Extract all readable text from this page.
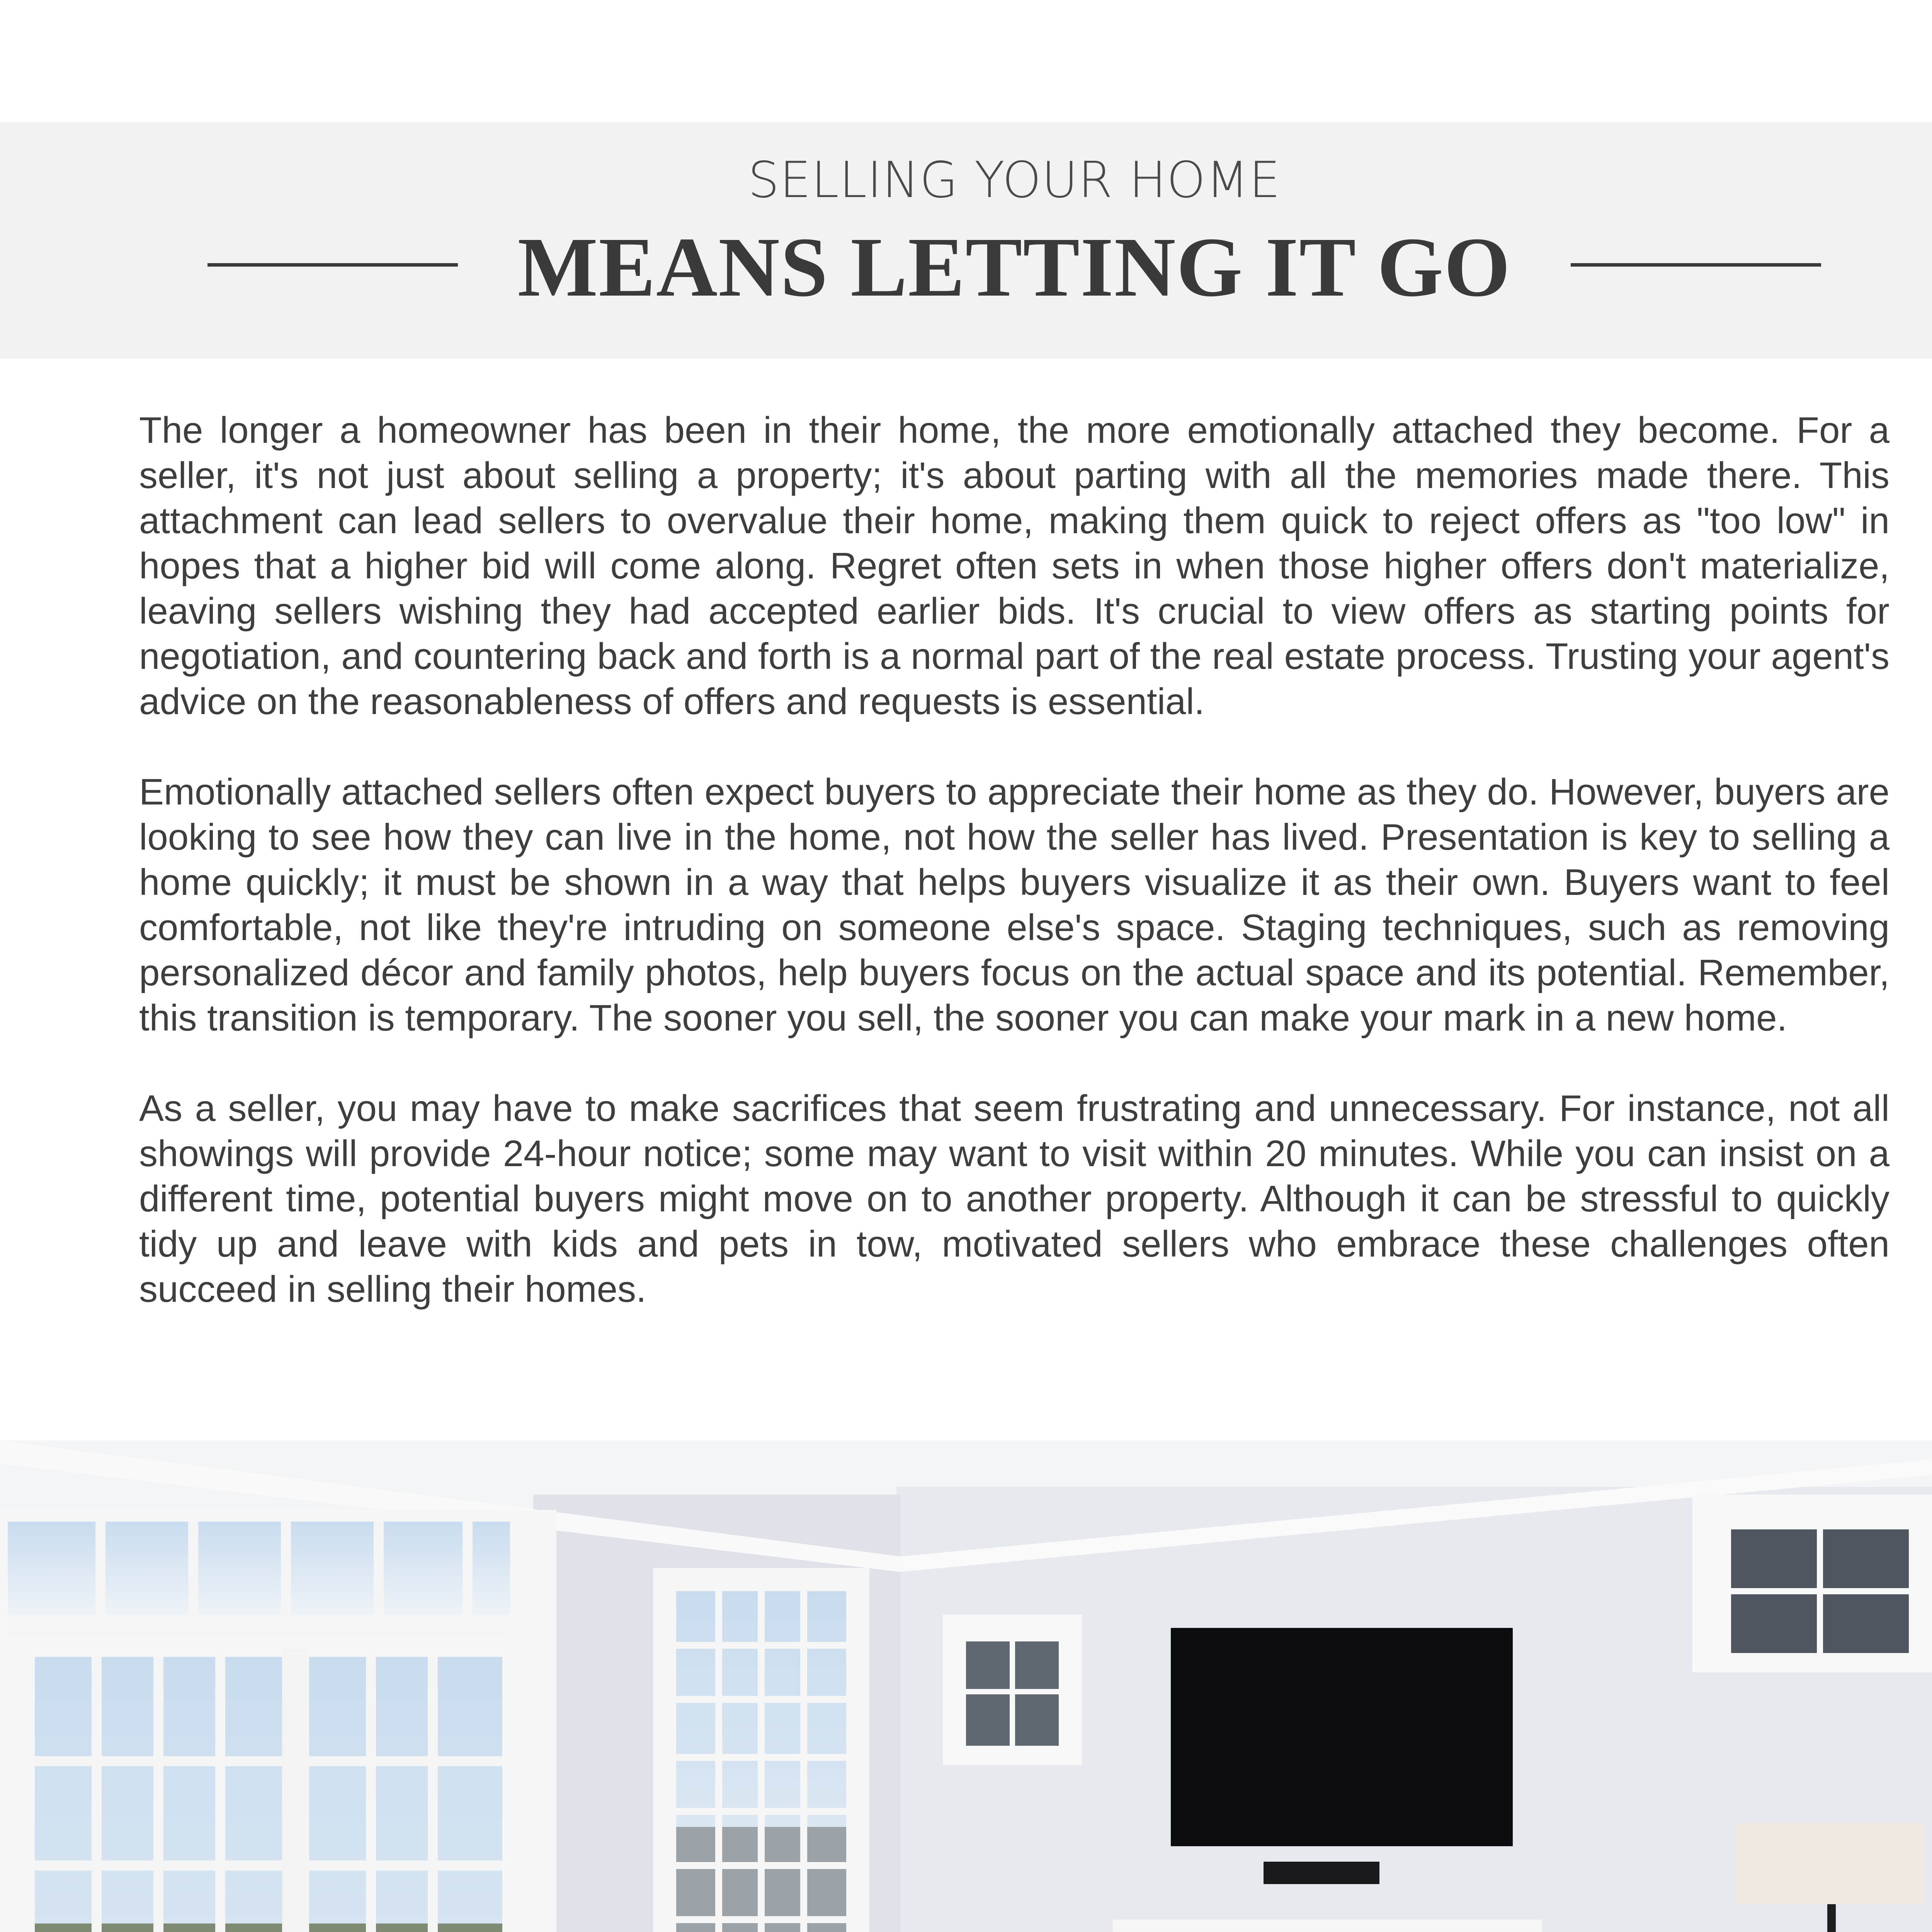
SELLING YOUR HOME
MEANS LETTING IT GO

The longer a homeowner has been in their home, the more emotionally attached they become. For a seller, it's not just about selling a property; it's about parting with all the memories made there. This attachment can lead sellers to overvalue their home, making them quick to reject offers as "too low" in hopes that a higher bid will come along. Regret often sets in when those higher offers don't materialize, leaving sellers wishing they had accepted earlier bids. It's crucial to view offers as starting points for negotiation, and countering back and forth is a normal part of the real estate process. Trusting your agent's advice on the reasonableness of offers and requests is essential.

Emotionally attached sellers often expect buyers to appreciate their home as they do. However, buyers are looking to see how they can live in the home, not how the seller has lived. Presentation is key to selling a home quickly; it must be shown in a way that helps buyers visualize it as their own. Buyers want to feel comfortable, not like they're intruding on someone else's space. Staging techniques, such as removing personalized décor and family photos, help buyers focus on the actual space and its potential. Remember, this transition is temporary. The sooner you sell, the sooner you can make your mark in a new home.

As a seller, you may have to make sacrifices that seem frustrating and unnecessary. For instance, not all showings will provide 24-hour notice; some may want to visit within 20 minutes. While you can insist on a different time, potential buyers might move on to another property. Although it can be stressful to quickly tidy up and leave with kids and pets in tow, motivated sellers who embrace these challenges often succeed in selling their homes.
